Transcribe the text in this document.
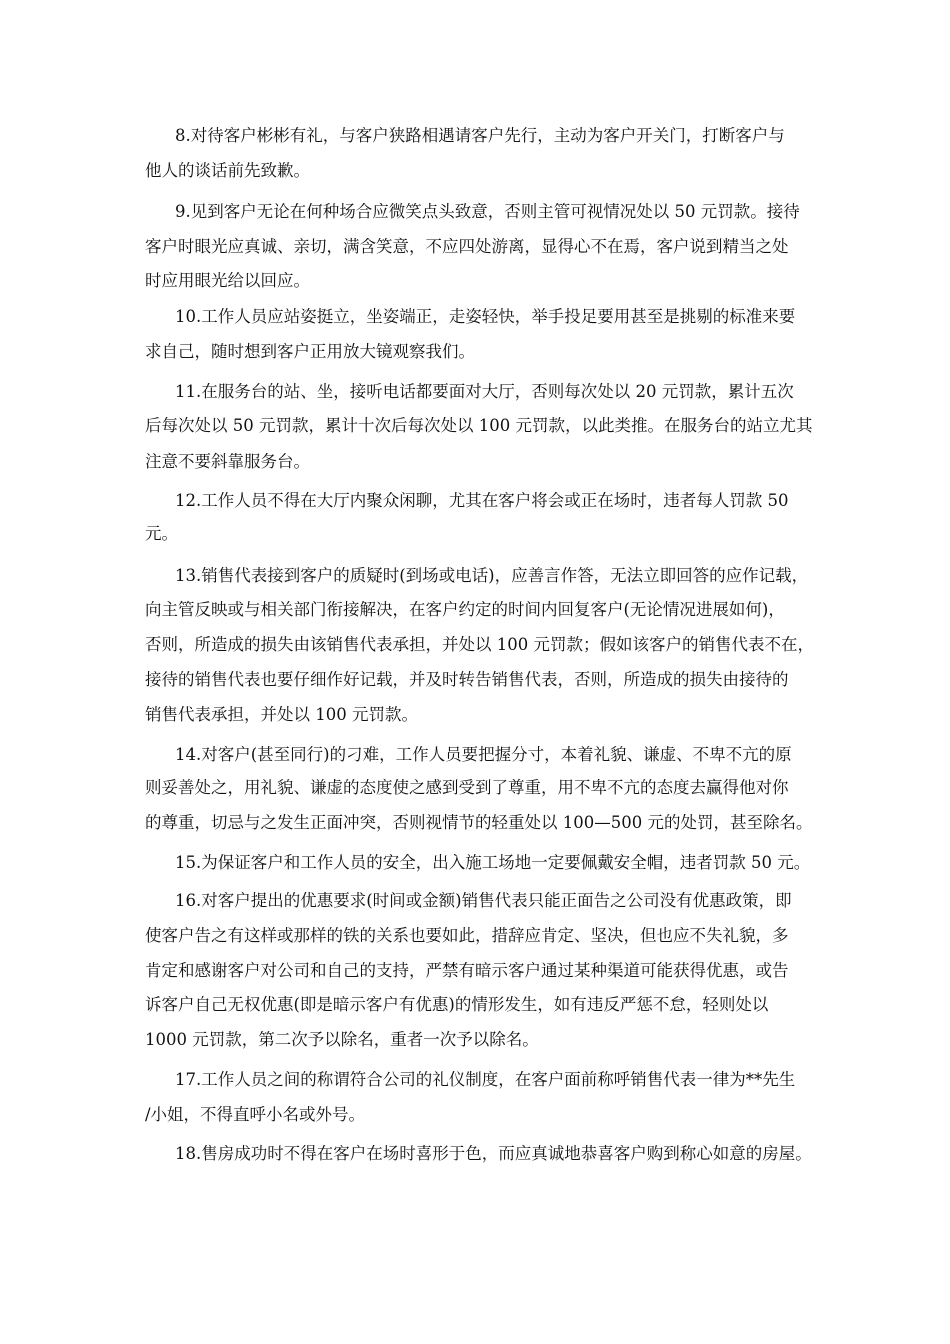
8.对待客户彬彬有礼，与客户狭路相遇请客户先行，主动为客户开关门，打断客户与
他人的谈话前先致歉。
9.见到客户无论在何种场合应微笑点头致意，否则主管可视情况处以 50 元罚款。接待
客户时眼光应真诚、亲切，满含笑意，不应四处游离，显得心不在焉，客户说到精当之处
时应用眼光给以回应。
10.工作人员应站姿挺立，坐姿端正，走姿轻快，举手投足要用甚至是挑剔的标准来要
求自己，随时想到客户正用放大镜观察我们。
11.在服务台的站、坐，接听电话都要面对大厅，否则每次处以 20 元罚款，累计五次
后每次处以 50 元罚款，累计十次后每次处以 100 元罚款，以此类推。在服务台的站立尤其
注意不要斜靠服务台。
12.工作人员不得在大厅内聚众闲聊，尤其在客户将会或正在场时，违者每人罚款 50
元。
13.销售代表接到客户的质疑时(到场或电话)，应善言作答，无法立即回答的应作记载，
向主管反映或与相关部门衔接解决，在客户约定的时间内回复客户(无论情况进展如何)，
否则，所造成的损失由该销售代表承担，并处以 100 元罚款；假如该客户的销售代表不在，
接待的销售代表也要仔细作好记载，并及时转告销售代表，否则，所造成的损失由接待的
销售代表承担，并处以 100 元罚款。
14.对客户(甚至同行)的刁难，工作人员要把握分寸，本着礼貌、谦虚、不卑不亢的原
则妥善处之，用礼貌、谦虚的态度使之感到受到了尊重，用不卑不亢的态度去赢得他对你
的尊重，切忌与之发生正面冲突，否则视情节的轻重处以 100—500 元的处罚，甚至除名。
15.为保证客户和工作人员的安全，出入施工场地一定要佩戴安全帽，违者罚款 50 元。
16.对客户提出的优惠要求(时间或金额)销售代表只能正面告之公司没有优惠政策，即
使客户告之有这样或那样的铁的关系也要如此，措辞应肯定、坚决，但也应不失礼貌，多
肯定和感谢客户对公司和自己的支持，严禁有暗示客户通过某种渠道可能获得优惠，或告
诉客户自己无权优惠(即是暗示客户有优惠)的情形发生，如有违反严惩不怠，轻则处以
1000 元罚款，第二次予以除名，重者一次予以除名。
17.工作人员之间的称谓符合公司的礼仪制度，在客户面前称呼销售代表一律为**先生
/小姐，不得直呼小名或外号。
18.售房成功时不得在客户在场时喜形于色，而应真诚地恭喜客户购到称心如意的房屋。
